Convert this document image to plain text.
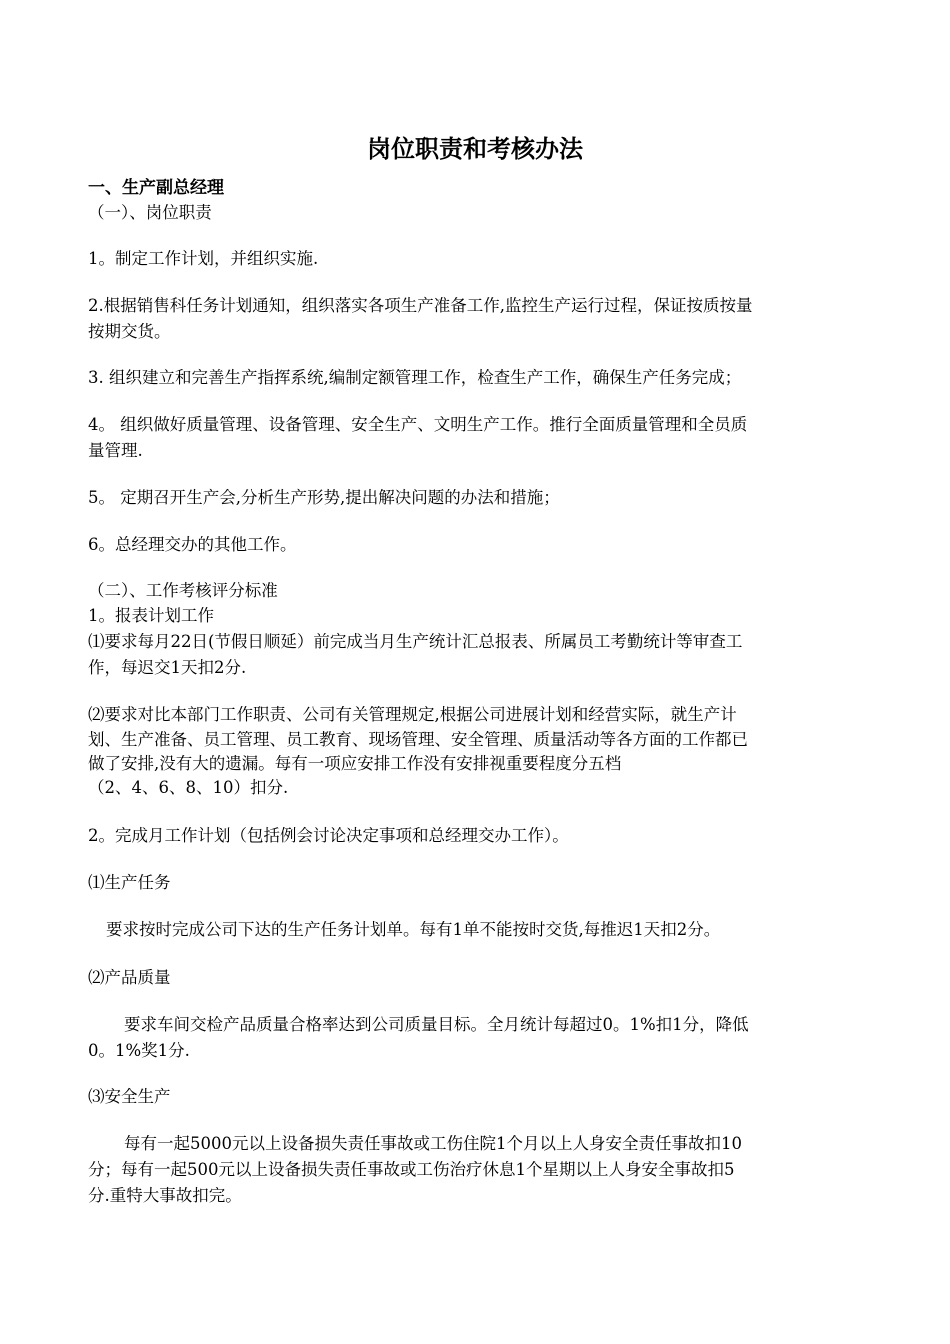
岗位职责和考核办法
一、生产副总经理
（一）、岗位职责
1。制定工作计划，并组织实施.
2.根据销售科任务计划通知，组织落实各项生产准备工作,监控生产运行过程，保证按质按量
按期交货。
3. 组织建立和完善生产指挥系统,编制定额管理工作，检查生产工作，确保生产任务完成；
4。 组织做好质量管理、设备管理、安全生产、文明生产工作。推行全面质量管理和全员质
量管理.
5。 定期召开生产会,分析生产形势,提出解决问题的办法和措施；
6。总经理交办的其他工作。
（二）、工作考核评分标准
1。报表计划工作
⑴要求每月22日(节假日顺延）前完成当月生产统计汇总报表、所属员工考勤统计等审查工
作，每迟交1天扣2分.
⑵要求对比本部门工作职责、公司有关管理规定,根据公司进展计划和经营实际，就生产计
划、生产准备、员工管理、员工教育、现场管理、安全管理、质量活动等各方面的工作都已
做了安排,没有大的遗漏。每有一项应安排工作没有安排视重要程度分五档
（2、4、6、8、10）扣分.
2。完成月工作计划（包括例会讨论决定事项和总经理交办工作）。
⑴生产任务
要求按时完成公司下达的生产任务计划单。每有1单不能按时交货,每推迟1天扣2分。
⑵产品质量
要求车间交检产品质量合格率达到公司质量目标。全月统计每超过0。1%扣1分，降低
0。1%奖1分.
⑶安全生产
每有一起5000元以上设备损失责任事故或工伤住院1个月以上人身安全责任事故扣10
分；每有一起500元以上设备损失责任事故或工伤治疗休息1个星期以上人身安全事故扣5
分.重特大事故扣完。
